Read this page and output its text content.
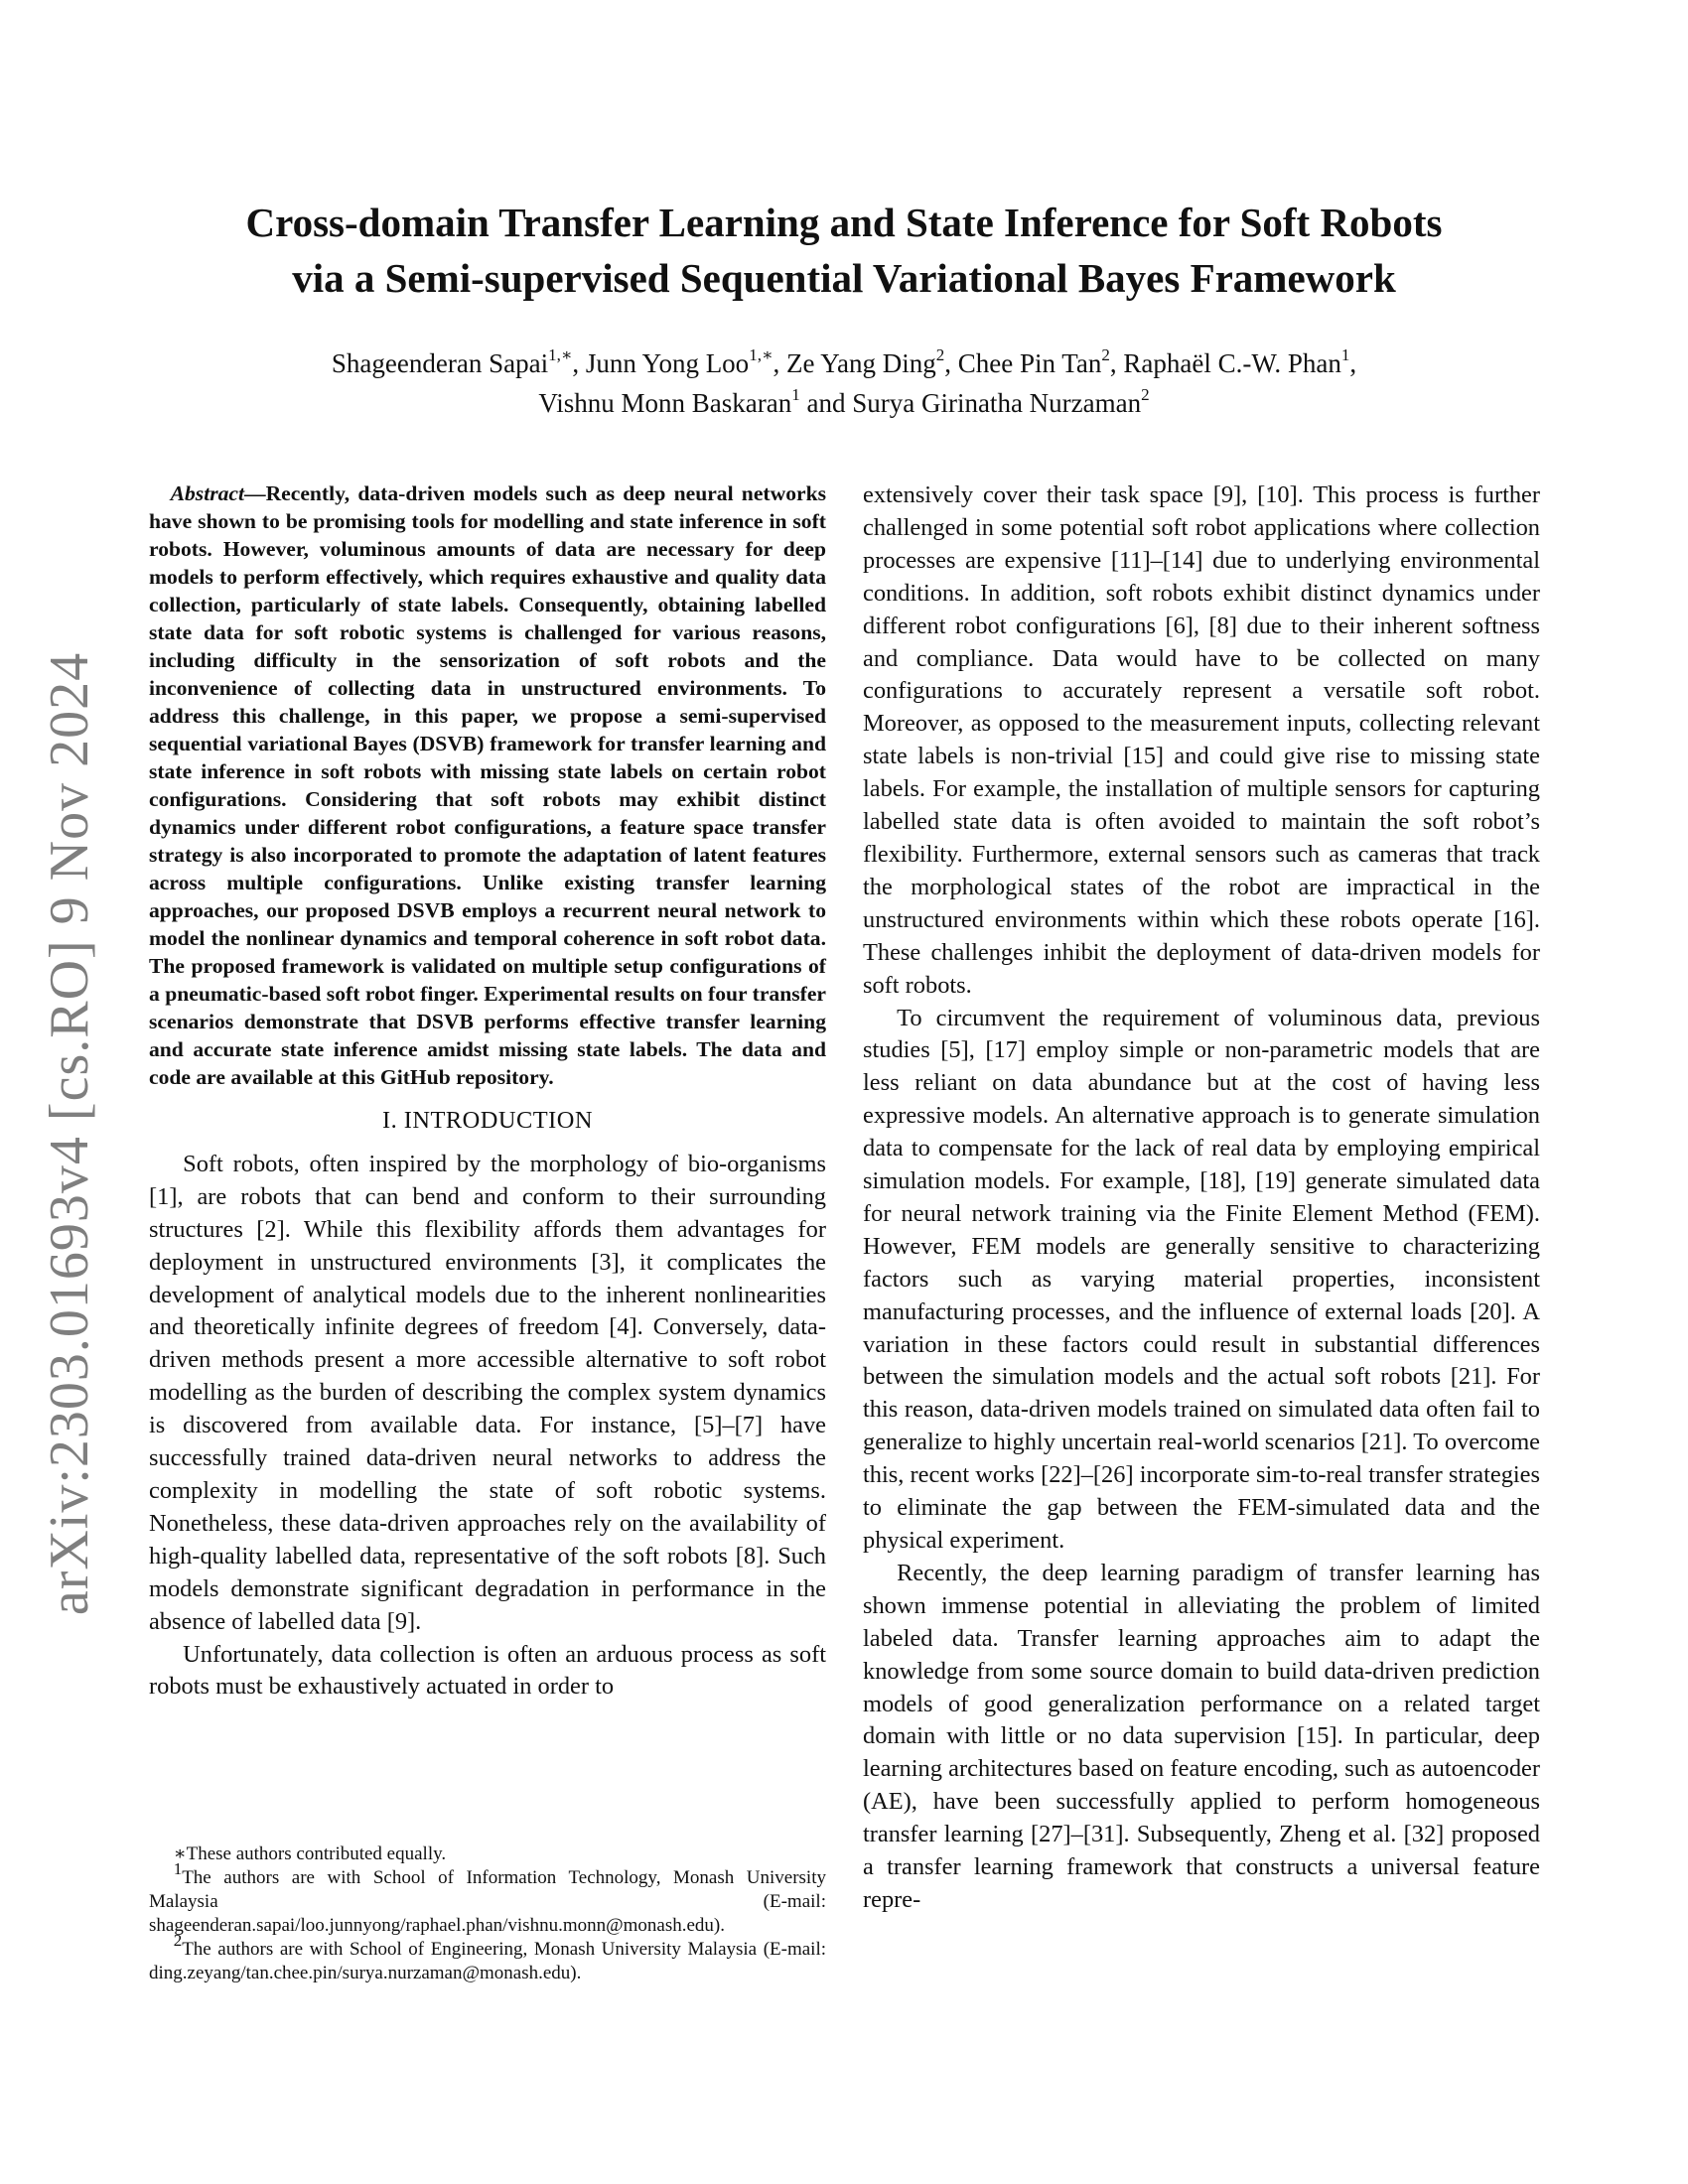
arXiv:2303.01693v4 [cs.RO] 9 Nov 2024
Cross-domain Transfer Learning and State Inference for Soft Robots
via a Semi-supervised Sequential Variational Bayes Framework
Shageenderan Sapai$^{1,∗}$, Junn Yong Loo$^{1,∗}$, Ze Yang Ding$^2$, Chee Pin Tan$^2$, Raphaël C.-W. Phan$^1$,
Vishnu Monn Baskaran$^1$ and Surya Girinatha Nurzaman$^2$

Abstract—Recently, data-driven models such as deep neural networks have shown to be promising tools for modelling and state inference in soft robots. However, voluminous amounts of data are necessary for deep models to perform effectively, which requires exhaustive and quality data collection, particularly of state labels. Consequently, obtaining labelled state data for soft robotic systems is challenged for various reasons, including difficulty in the sensorization of soft robots and the inconvenience of collecting data in unstructured environments. To address this challenge, in this paper, we propose a semi-supervised sequential variational Bayes (DSVB) framework for transfer learning and state inference in soft robots with missing state labels on certain robot configurations. Considering that soft robots may exhibit distinct dynamics under different robot configurations, a feature space transfer strategy is also incorporated to promote the adaptation of latent features across multiple configurations. Unlike existing transfer learning approaches, our proposed DSVB employs a recurrent neural network to model the nonlinear dynamics and temporal coherence in soft robot data. The proposed framework is validated on multiple setup configurations of a pneumatic-based soft robot finger. Experimental results on four transfer scenarios demonstrate that DSVB performs effective transfer learning and accurate state inference amidst missing state labels. The data and code are available at this GitHub repository.

I. INTRODUCTION

Soft robots, often inspired by the morphology of bio-organisms [1], are robots that can bend and conform to their surrounding structures [2]. While this flexibility affords them advantages for deployment in unstructured environments [3], it complicates the development of analytical models due to the inherent nonlinearities and theoretically infinite degrees of freedom [4]. Conversely, data-driven methods present a more accessible alternative to soft robot modelling as the burden of describing the complex system dynamics is discovered from available data. For instance, [5]–[7] have successfully trained data-driven neural networks to address the complexity in modelling the state of soft robotic systems. Nonetheless, these data-driven approaches rely on the availability of high-quality labelled data, representative of the soft robots [8]. Such models demonstrate significant degradation in performance in the absence of labelled data [9].

Unfortunately, data collection is often an arduous process as soft robots must be exhaustively actuated in order to

∗These authors contributed equally.

$^1$The authors are with School of Information Technology, Monash University Malaysia (E-mail: shageenderan.sapai/loo.junnyong/raphael.phan/vishnu.monn@monash.edu).

$^2$The authors are with School of Engineering, Monash University Malaysia (E-mail: ding.zeyang/tan.chee.pin/surya.nurzaman@monash.edu).

extensively cover their task space [9], [10]. This process is further challenged in some potential soft robot applications where collection processes are expensive [11]–[14] due to underlying environmental conditions. In addition, soft robots exhibit distinct dynamics under different robot configurations [6], [8] due to their inherent softness and compliance. Data would have to be collected on many configurations to accurately represent a versatile soft robot. Moreover, as opposed to the measurement inputs, collecting relevant state labels is non-trivial [15] and could give rise to missing state labels. For example, the installation of multiple sensors for capturing labelled state data is often avoided to maintain the soft robot’s flexibility. Furthermore, external sensors such as cameras that track the morphological states of the robot are impractical in the unstructured environments within which these robots operate [16]. These challenges inhibit the deployment of data-driven models for soft robots.

To circumvent the requirement of voluminous data, previous studies [5], [17] employ simple or non-parametric models that are less reliant on data abundance but at the cost of having less expressive models. An alternative approach is to generate simulation data to compensate for the lack of real data by employing empirical simulation models. For example, [18], [19] generate simulated data for neural network training via the Finite Element Method (FEM). However, FEM models are generally sensitive to characterizing factors such as varying material properties, inconsistent manufacturing processes, and the influence of external loads [20]. A variation in these factors could result in substantial differences between the simulation models and the actual soft robots [21]. For this reason, data-driven models trained on simulated data often fail to generalize to highly uncertain real-world scenarios [21]. To overcome this, recent works [22]–[26] incorporate sim-to-real transfer strategies to eliminate the gap between the FEM-simulated data and the physical experiment.

Recently, the deep learning paradigm of transfer learning has shown immense potential in alleviating the problem of limited labeled data. Transfer learning approaches aim to adapt the knowledge from some source domain to build data-driven prediction models of good generalization performance on a related target domain with little or no data supervision [15]. In particular, deep learning architectures based on feature encoding, such as autoencoder (AE), have been successfully applied to perform homogeneous transfer learning [27]–[31]. Subsequently, Zheng et al. [32] proposed a transfer learning framework that constructs a universal feature repre-
